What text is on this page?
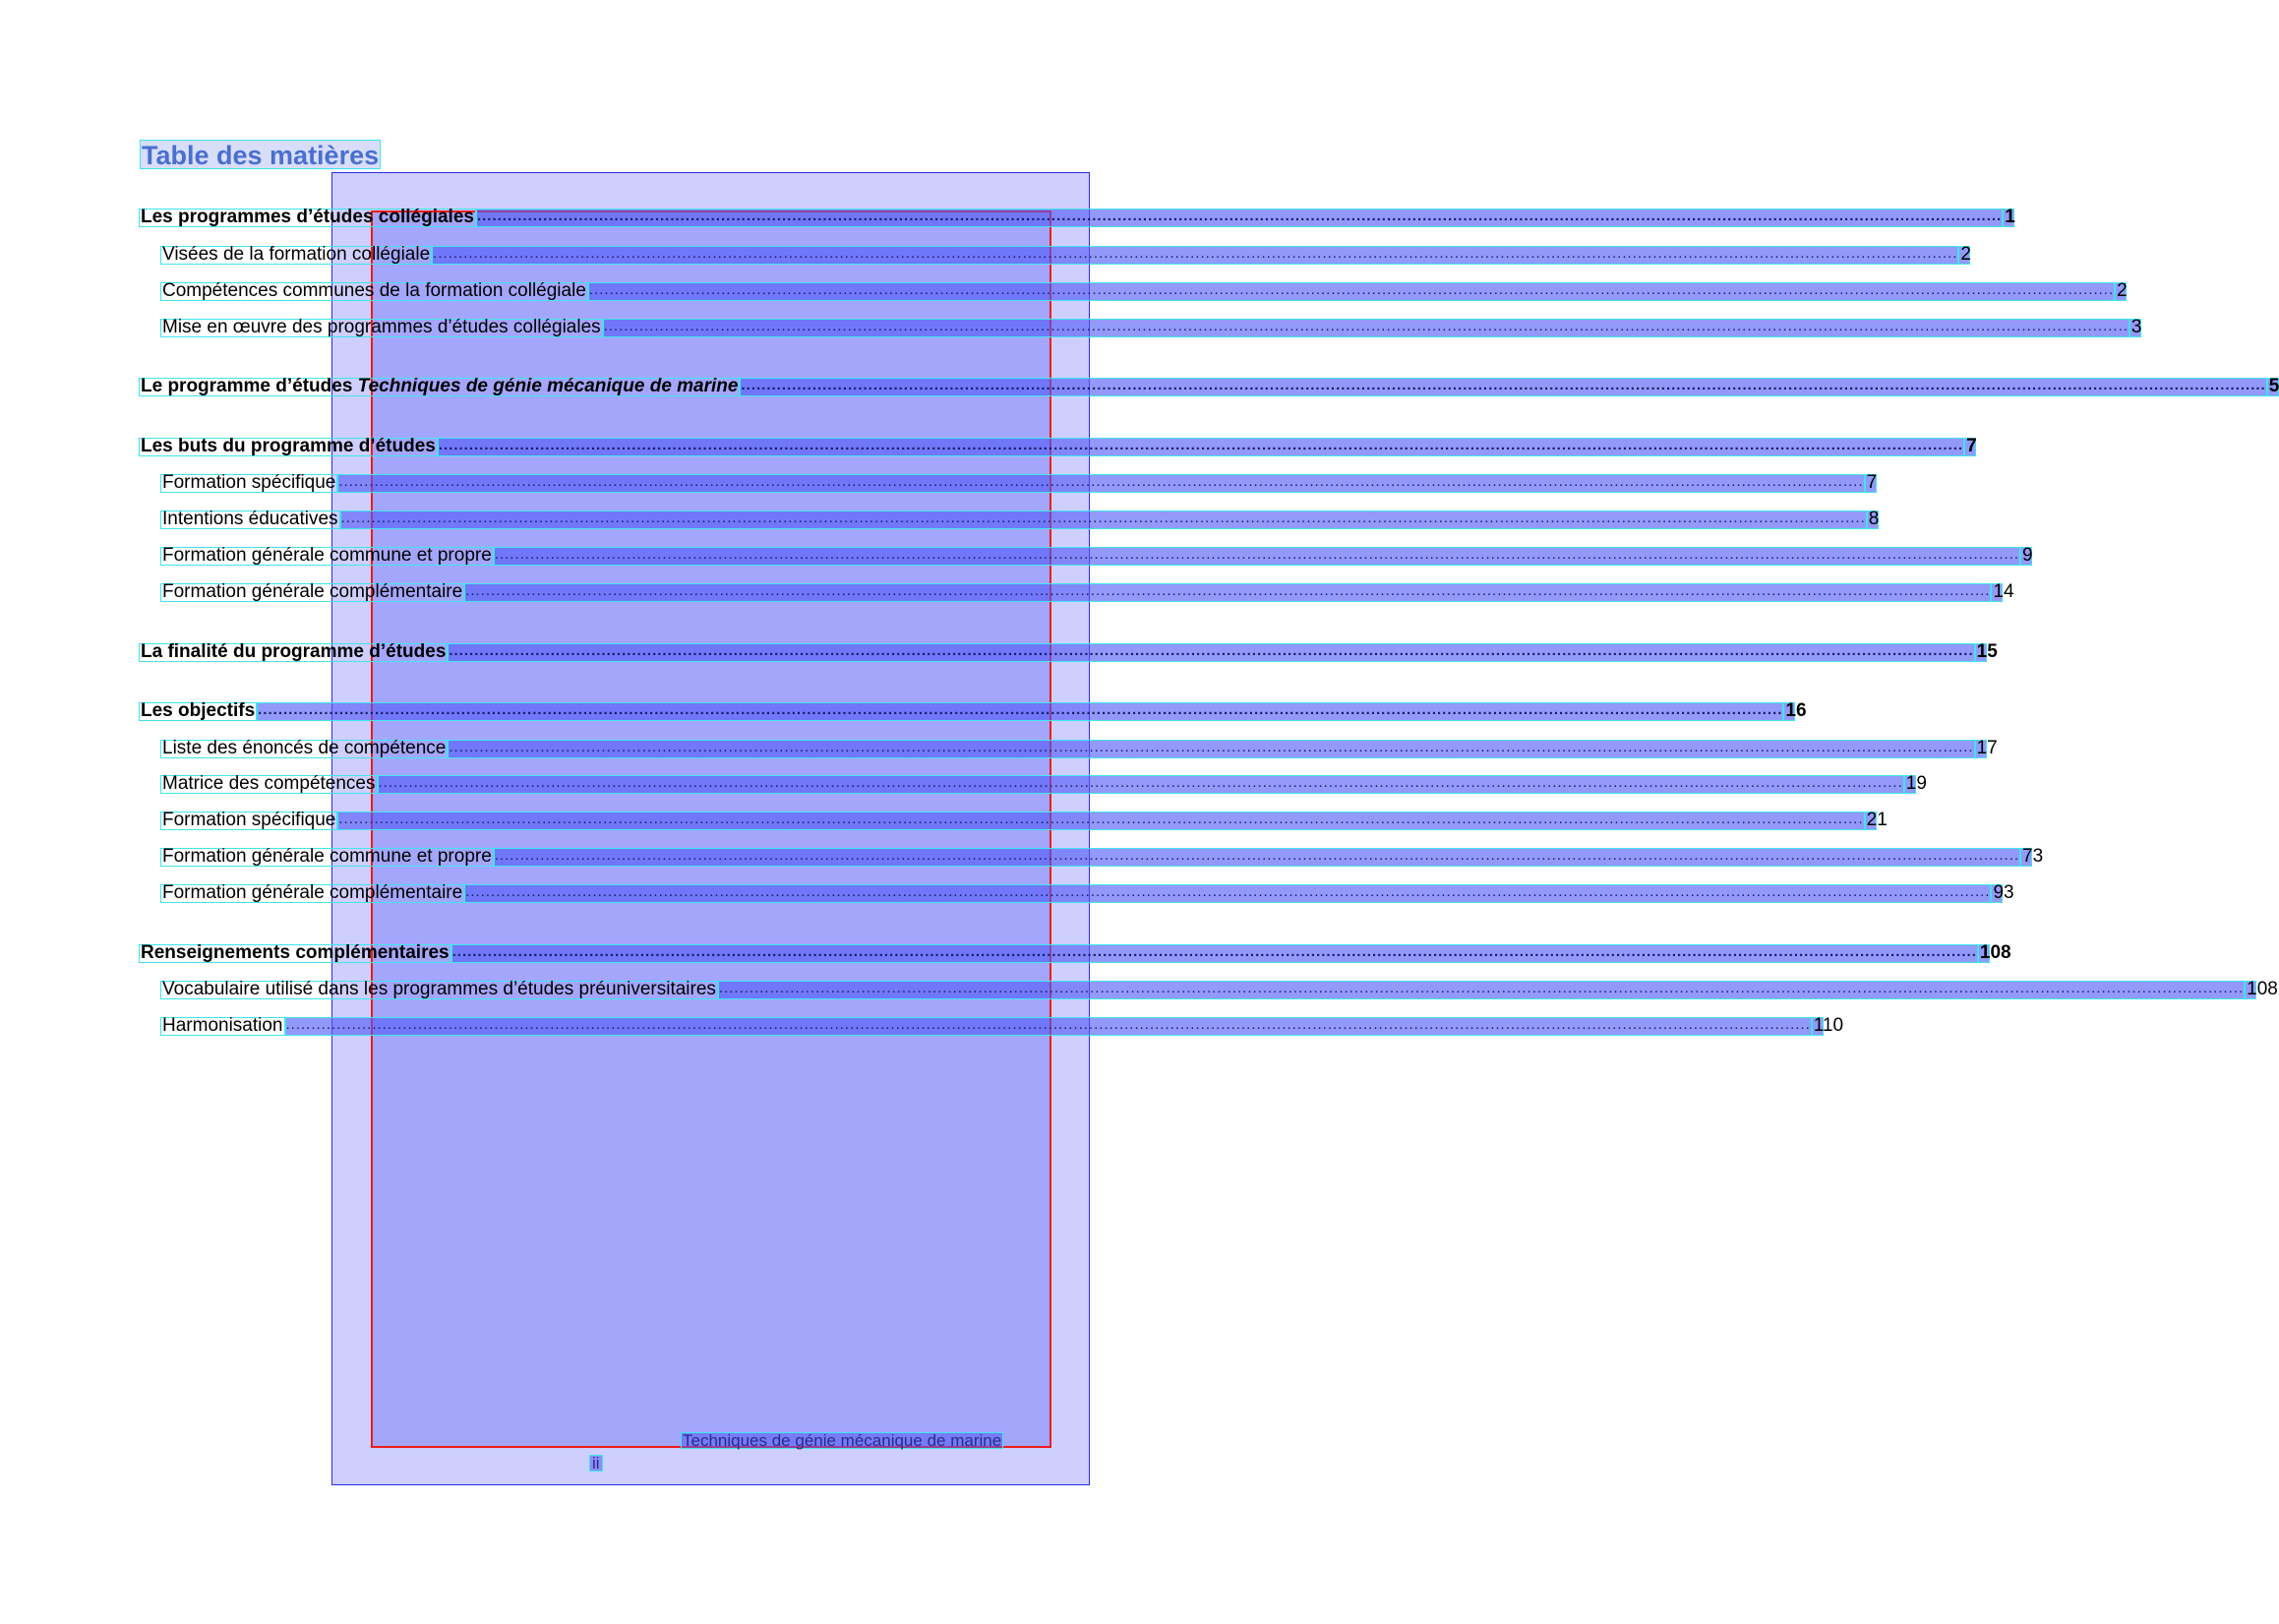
Table des matières
Les programmes d’études collégiales ............................................................................................................................................................................................................................................................................................................ 1
Visées de la formation collégiale ............................................................................................................................................................................................................................................................................................................ 2
Compétences communes de la formation collégiale ............................................................................................................................................................................................................................................................................................................ 2
Mise en œuvre des programmes d’études collégiales ............................................................................................................................................................................................................................................................................................................ 3
Le programme d’études Techniques de génie mécanique de marine ............................................................................................................................................................................................................................................................................................................ 5
Les buts du programme d’études ............................................................................................................................................................................................................................................................................................................ 7
Formation spécifique ............................................................................................................................................................................................................................................................................................................ 7
Intentions éducatives ............................................................................................................................................................................................................................................................................................................ 8
Formation générale commune et propre ............................................................................................................................................................................................................................................................................................................ 9
Formation générale complémentaire ............................................................................................................................................................................................................................................................................................................ 14
La finalité du programme d’études ............................................................................................................................................................................................................................................................................................................ 15
Les objectifs ............................................................................................................................................................................................................................................................................................................ 16
Liste des énoncés de compétence ............................................................................................................................................................................................................................................................................................................ 17
Matrice des compétences ............................................................................................................................................................................................................................................................................................................ 19
Formation spécifique ............................................................................................................................................................................................................................................................................................................ 21
Formation générale commune et propre ............................................................................................................................................................................................................................................................................................................ 73
Formation générale complémentaire ............................................................................................................................................................................................................................................................................................................ 93
Renseignements complémentaires ............................................................................................................................................................................................................................................................................................................ 108
Vocabulaire utilisé dans les programmes d’études préuniversitaires ............................................................................................................................................................................................................................................................................................................ 108
Harmonisation ............................................................................................................................................................................................................................................................................................................ 110
Techniques de génie mécanique de marine
ii
